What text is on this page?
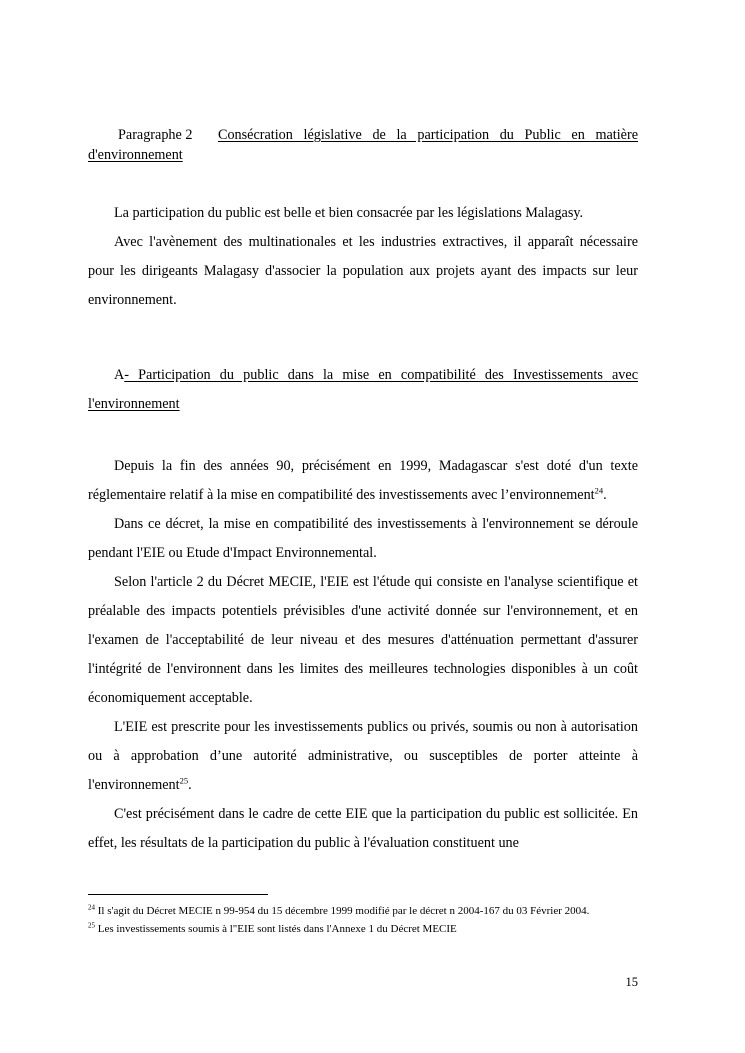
Paragraphe 2 Consécration législative de la participation du Public en matière d'environnement

La participation du public est belle et bien consacrée par les législations Malagasy.

Avec l'avènement des multinationales et les industries extractives, il apparaît nécessaire pour les dirigeants Malagasy d'associer la population aux projets ayant des impacts sur leur environnement.

A- Participation du public dans la mise en compatibilité des Investissements avec l'environnement

Depuis la fin des années 90, précisément en 1999, Madagascar s'est doté d'un texte réglementaire relatif à la mise en compatibilité des investissements avec l’environnement$^{24}$.

Dans ce décret, la mise en compatibilité des investissements à l'environnement se déroule pendant l'EIE ou Etude d'Impact Environnemental.

Selon l'article 2 du Décret MECIE, l'EIE est l'étude qui consiste en l'analyse scientifique et préalable des impacts potentiels prévisibles d'une activité donnée sur l'environnement, et en l'examen de l'acceptabilité de leur niveau et des mesures d'atténuation permettant d'assurer l'intégrité de l'environnent dans les limites des meilleures technologies disponibles à un coût économiquement acceptable.

L'EIE est prescrite pour les investissements publics ou privés, soumis ou non à autorisation ou à approbation d’une autorité administrative, ou susceptibles de porter atteinte à l'environnement$^{25}$.

C'est précisément dans le cadre de cette EIE que la participation du public est sollicitée. En effet, les résultats de la participation du public à l'évaluation constituent une

$^{24}$ Il s'agit du Décret MECIE n 99-954 du 15 décembre 1999 modifié par le décret n 2004-167 du 03 Février 2004.

$^{25}$ Les investissements soumis à l"EIE sont listés dans l'Annexe 1 du Décret MECIE

15
